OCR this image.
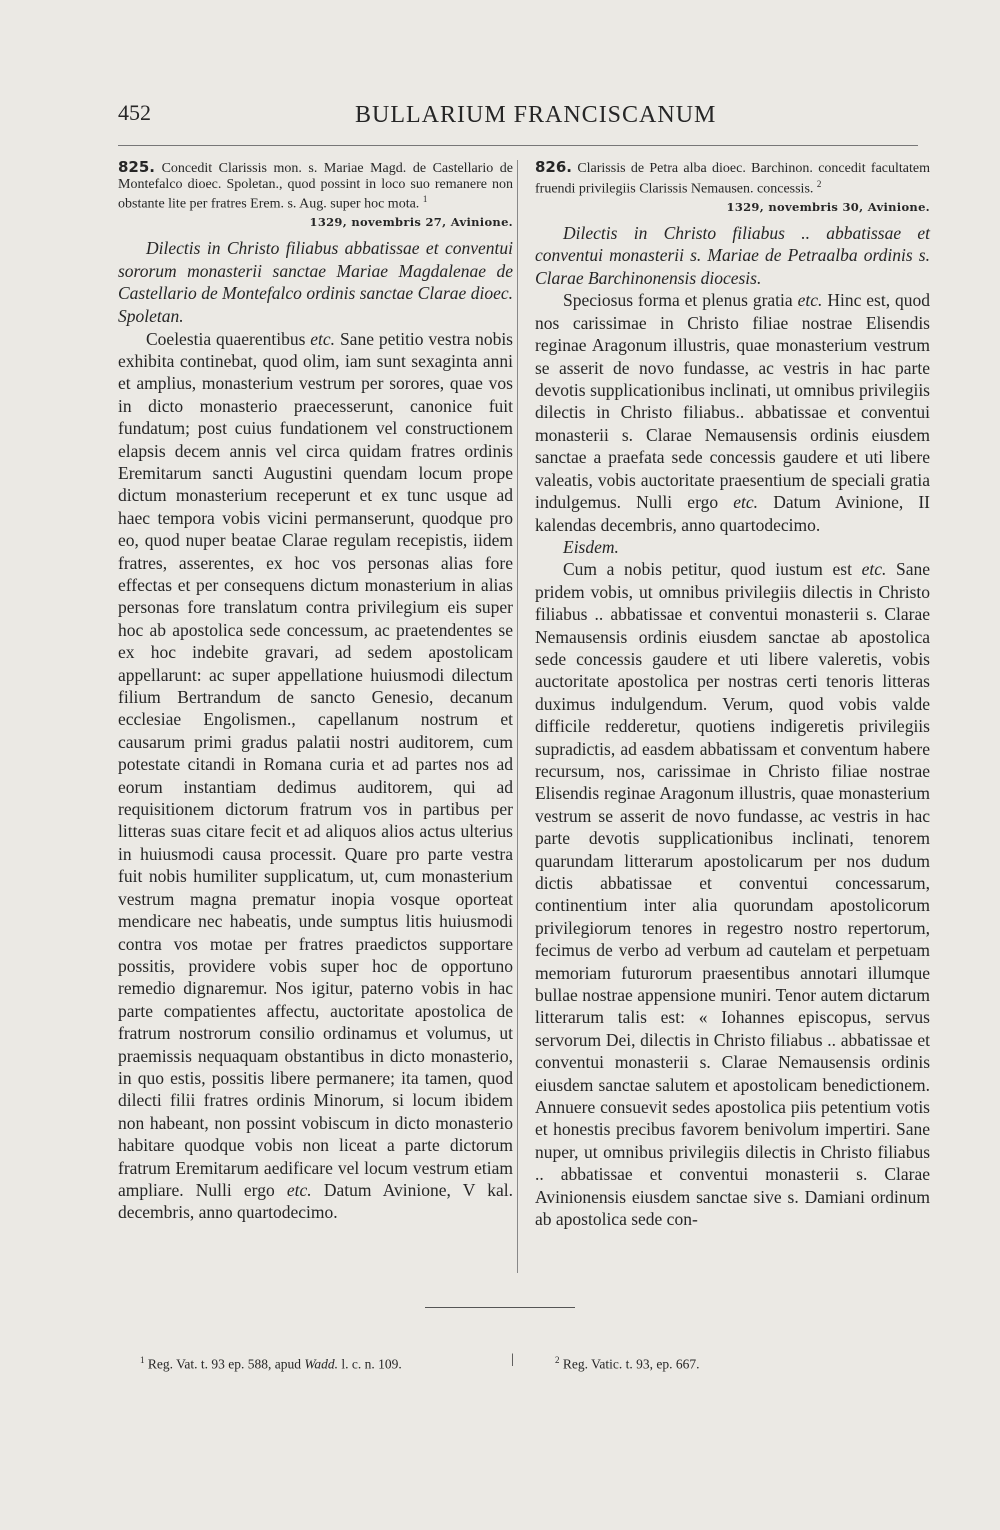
452	BULLARIUM FRANCISCANUM

825. Concedit Clarissis mon. s. Mariae Magd. de Castellario de Montefalco dioec. Spoletan., quod possint in loco suo remanere non obstante lite per fratres Erem. s. Aug. super hoc mota. $^1$

1329, novembris 27, Avinione.

Dilectis in Christo filiabus abbatissae et conventui sororum monasterii sanctae Mariae Magdalenae de Castellario de Montefalco ordinis sanctae Clarae dioec. Spoletan.

Coelestia quaerentibus etc. Sane petitio vestra nobis exhibita continebat, quod olim, iam sunt sexaginta anni et amplius, monasterium vestrum per sorores, quae vos in dicto monasterio praecesserunt, canonice fuit fundatum; post cuius fundationem vel constructionem elapsis decem annis vel circa quidam fratres ordinis Eremitarum sancti Augustini quendam locum prope dictum monasterium receperunt et ex tunc usque ad haec tempora vobis vicini permanserunt, quodque pro eo, quod nuper beatae Clarae regulam recepistis, iidem fratres, asserentes, ex hoc vos personas alias fore effectas et per consequens dictum monasterium in alias personas fore translatum contra privilegium eis super hoc ab apostolica sede concessum, ac praetendentes se ex hoc indebite gravari, ad sedem apostolicam appellarunt: ac super appellatione huiusmodi dilectum filium Bertrandum de sancto Genesio, decanum ecclesiae Engolismen., capellanum nostrum et causarum primi gradus palatii nostri auditorem, cum potestate citandi in Romana curia et ad partes nos ad eorum instantiam dedimus auditorem, qui ad requisitionem dictorum fratrum vos in partibus per litteras suas citare fecit et ad aliquos alios actus ulterius in huiusmodi causa processit. Quare pro parte vestra fuit nobis humiliter supplicatum, ut, cum monasterium vestrum magna prematur inopia vosque oporteat mendicare nec habeatis, unde sumptus litis huiusmodi contra vos motae per fratres praedictos supportare possitis, providere vobis super hoc de opportuno remedio dignaremur. Nos igitur, paterno vobis in hac parte compatientes affectu, auctoritate apostolica de fratrum nostrorum consilio ordinamus et volumus, ut praemissis nequaquam obstantibus in dicto monasterio, in quo estis, possitis libere permanere; ita tamen, quod dilecti filii fratres ordinis Minorum, si locum ibidem non habeant, non possint vobiscum in dicto monasterio habitare quodque vobis non liceat a parte dictorum fratrum Eremitarum aedificare vel locum vestrum etiam ampliare. Nulli ergo etc. Datum Avinione, V kal. decembris, anno quartodecimo.

826. Clarissis de Petra alba dioec. Barchinon. concedit facultatem fruendi privilegiis Clarissis Nemausen. concessis. $^2$

1329, novembris 30, Avinione.

Dilectis in Christo filiabus .. abbatissae et conventui monasterii s. Mariae de Petraalba ordinis s. Clarae Barchinonensis diocesis.

Speciosus forma et plenus gratia etc. Hinc est, quod nos carissimae in Christo filiae nostrae Elisendis reginae Aragonum illustris, quae monasterium vestrum se asserit de novo fundasse, ac vestris in hac parte devotis supplicationibus inclinati, ut omnibus privilegiis dilectis in Christo filiabus.. abbatissae et conventui monasterii s. Clarae Nemausensis ordinis eiusdem sanctae a praefata sede concessis gaudere et uti libere valeatis, vobis auctoritate praesentium de speciali gratia indulgemus. Nulli ergo etc. Datum Avinione, II kalendas decembris, anno quartodecimo.

Eisdem.

Cum a nobis petitur, quod iustum est etc. Sane pridem vobis, ut omnibus privilegiis dilectis in Christo filiabus .. abbatissae et conventui monasterii s. Clarae Nemausensis ordinis eiusdem sanctae ab apostolica sede concessis gaudere et uti libere valeretis, vobis auctoritate apostolica per nostras certi tenoris litteras duximus indulgendum. Verum, quod vobis valde difficile redderetur, quotiens indigeretis privilegiis supradictis, ad easdem abbatissam et conventum habere recursum, nos, carissimae in Christo filiae nostrae Elisendis reginae Aragonum illustris, quae monasterium vestrum se asserit de novo fundasse, ac vestris in hac parte devotis supplicationibus inclinati, tenorem quarundam litterarum apostolicarum per nos dudum dictis abbatissae et conventui concessarum, continentium inter alia quorundam apostolicorum privilegiorum tenores in regestro nostro repertorum, fecimus de verbo ad verbum ad cautelam et perpetuam memoriam futurorum praesentibus annotari illumque bullae nostrae appensione muniri. Tenor autem dictarum litterarum talis est: « Iohannes episcopus, servus servorum Dei, dilectis in Christo filiabus .. abbatissae et conventui monasterii s. Clarae Nemausensis ordinis eiusdem sanctae salutem et apostolicam benedictionem. Annuere consuevit sedes apostolica piis petentium votis et honestis precibus favorem benivolum impertiri. Sane nuper, ut omnibus privilegiis dilectis in Christo filiabus .. abbatissae et conventui monasterii s. Clarae Avinionensis eiusdem sanctae sive s. Damiani ordinum ab apostolica sede con-

$^1$ Reg. Vat. t. 93 ep. 588, apud Wadd. l. c. n. 109.	|	$^2$ Reg. Vatic. t. 93, ep. 667.
